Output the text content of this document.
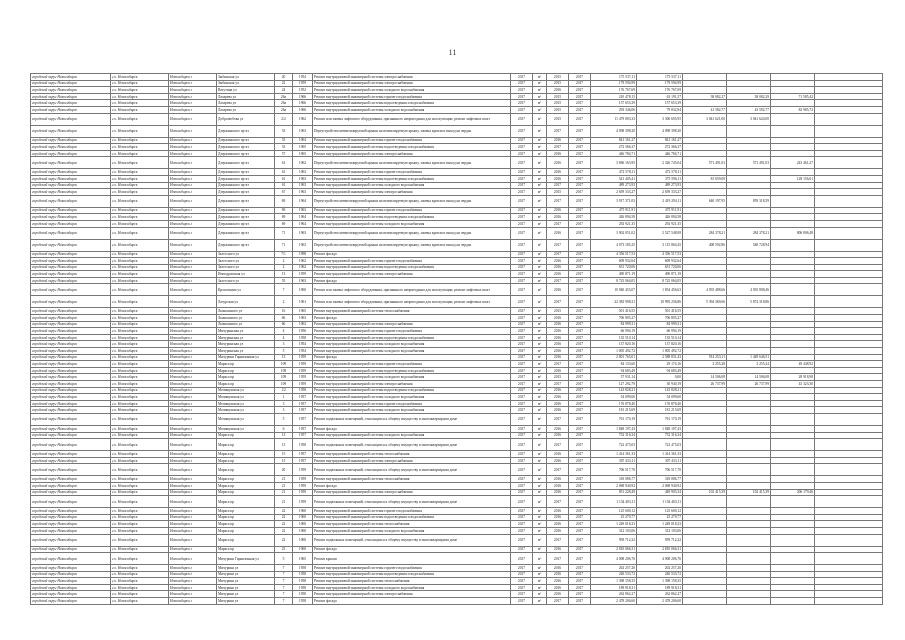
11
городской округ Новосибирск	г.о. Новосибирск	Новосибирск г	Зыбинская ул	20	1954	Ремонт внутридомовой инженерной системы электроснабжения	2017	м²	2015	2017	175 537,11	175 537,11				
городской округ Новосибирск	г.о. Новосибирск	Новосибирск г	Зыбинская ул	22	1959	Ремонт внутридомовой инженерной системы электроснабжения	2017	м²	2015	2017	179 594,99	179 594,99				
городской округ Новосибирск	г.о. Новосибирск	Новосибирск г	Ватутина ул	24	1952	Ремонт внутридомовой инженерной системы холодного водоснабжения	2017	м²	2016	2017	176 767,69	176 767,69				
городской округ Новосибирск	г.о. Новосибирск	Новосибирск г	Лазарева ул	26а	1966	Ремонт внутридомовой инженерной системы горячего водоснабжения	2017	м²	2015	2017	210 478,15	63 191,57	38 082,27	38 082,29	71 585,42	
городской округ Новосибирск	г.о. Новосибирск	Новосибирск г	Лазарева ул	26а	1966	Ремонт внутридомовой инженерной системы водоотведения и водоснабжения	2017	м²	2015	2017	157 653,39	157 653,39				
городской округ Новосибирск	г.о. Новосибирск	Новосибирск г	Лазарева ул	26а	1966	Ремонт внутридомовой инженерной системы холодного водоснабжения	2017	м²	2015	2017	293 346,06	79 832,94	41 582,77	43 592,77	82 985,72	
городской округ Новосибирск	г.о. Новосибирск	Новосибирск г	Добролюбова ул	2/2	1962	Ремонт или замена лифтового оборудования, признанного непригодным для эксплуатации, ремонт лифтовых шахт	2017	м²	2015	2017	11 479 803,33	3 306 605,95	3 041 621,00	3 041 624,00		
городской округ Новосибирск	г.о. Новосибирск	Новосибирск г	Дзержинского пр-кт	53	1963	Переустройство невентилируемой крыши на вентилируемую крышу, замена кровли и выход на чердак	2017	м²	2017	2017	4 098 398,20	4 098 398,20				
городской округ Новосибирск	г.о. Новосибирск	Новосибирск г	Дзержинского пр-кт	53	1964	Ремонт внутридомовой инженерной системы горячего водоснабжения	2017	м²	2016	2017	841 161,27	841 161,27				
городской округ Новосибирск	г.о. Новосибирск	Новосибирск г	Дзержинского пр-кт	53	1965	Ремонт внутридомовой инженерной системы водоотведения и водоснабжения	2017	м²	2017	2017	272 366,37	272 366,37				
городской округ Новосибирск	г.о. Новосибирск	Новосибирск г	Дзержинского пр-кт	57	1965	Ремонт внутридомовой инженерной системы электроснабжения	2017	м²	2016	2017	446 784,71	446 784,71				
городской округ Новосибирск	г.о. Новосибирск	Новосибирск г	Дзержинского пр-кт	61	1962	Переустройство невентилируемой крыши на вентилируемую крышу, замена кровли и выход на чердак	2017	м²	2016	2017	3 696 163,95	2 326 745,04	571 491,03	571 491,03	243 461,27	
городской округ Новосибирск	г.о. Новосибирск	Новосибирск г	Дзержинского пр-кт	61	1963	Ремонт внутридомовой инженерной системы горячего водоснабжения	2017	м²	2016	2017	472 578,11	472 578,11				
городской округ Новосибирск	г.о. Новосибирск	Новосибирск г	Дзержинского пр-кт	61	1963	Ремонт внутридомовой инженерной системы водоотведения и водоснабжения	2017	м²	2016	2017	541 405,41	375 596,11	81 659,00		128 156,01	
городской округ Новосибирск	г.о. Новосибирск	Новосибирск г	Дзержинского пр-кт	61	1963	Ремонт внутридомовой инженерной системы холодного водоснабжения	2017	м²	2017	2017	489 273,93	489 273,93				
городской округ Новосибирск	г.о. Новосибирск	Новосибирск г	Дзержинского пр-кт	67	1963	Ремонт внутридомовой инженерной системы электроснабжения	2017	м²	2015	2017	2 659 333,27	2 659 333,27				
городской округ Новосибирск	г.о. Новосибирск	Новосибирск г	Дзержинского пр-кт	69	1964	Переустройство невентилируемой крыши на вентилируемую крышу, замена кровли и выход на чердак	2017	м²	2017	2017	3 917 371,03	2 419 294,11	640 197,95	859 318,59		
городской округ Новосибирск	г.о. Новосибирск	Новосибирск г	Дзержинского пр-кт	69	1963	Ремонт внутридомовой инженерной системы горячего водоснабжения	2017	м²	2016	2017	475 911,91	475 911,91				
городской округ Новосибирск	г.о. Новосибирск	Новосибирск г	Дзержинского пр-кт	69	1964	Ремонт внутридомовой инженерной системы водоотведения и водоснабжения	2017	м²	2016	2017	426 894,58	426 894,58				
городской округ Новосибирск	г.о. Новосибирск	Новосибирск г	Дзержинского пр-кт	69	1964	Ремонт внутридомовой инженерной системы холодного водоснабжения	2017	м²	2017	2017	292 921,35	292 921,35				
городской округ Новосибирск	г.о. Новосибирск	Новосибирск г	Дзержинского пр-кт	71	1963	Переустройство невентилируемой крыши на вентилируемую крышу, замена кровли и выход на чердак	2017	м²	2016	2017	3 902 051,02	2 527 548,08	284 378,21	284 378,21	806 806,48	
городской округ Новосибирск	г.о. Новосибирск	Новосибирск г	Дзержинского пр-кт	71	1963	Переустройство невентилируемой крыши на вентилируемую крышу, замена кровли и выход на чердак	2017	м²	2017	2017	4 073 185,25	3 115 864,45	408 592,86	548 728,94		
городской округ Новосибирск	г.о. Новосибирск	Новосибирск г	Залесского ул	7/1	1998	Ремонт фасада	2017	м²	2017	2017	4 356 517,53	4 356 517,53				
городской округ Новосибирск	г.о. Новосибирск	Новосибирск г	Залесского ул	2	1962	Ремонт внутридомовой инженерной системы горячего водоснабжения	2017	м²	2016	2017	609 932,64	609 932,64				
городской округ Новосибирск	г.о. Новосибирск	Новосибирск г	Залесского ул	2	1962	Ремонт внутридомовой инженерной системы водоотведения и водоснабжения	2017	м²	2016	2017	651 720,06	651 720,06				
городской округ Новосибирск	г.о. Новосибирск	Новосибирск г	Ипподромская ул	13	1959	Ремонт внутридомовой инженерной системы электроснабжения	2017	м²	2016	2017	490 871,19	490 871,19				
городской округ Новосибирск	г.о. Новосибирск	Новосибирск г	Залесского ул	55	1963	Ремонт фасада	2017	м²	2017	2017	8 725 064,05	8 725 064,05				
городской округ Новосибирск	г.о. Новосибирск	Новосибирск г	Кропоткина ул	7	1960	Ремонт или замена лифтового оборудования, признанного непригодным для эксплуатации, ремонт лифтовых шахт	2017	м²	2016	2017	10 940 453,07	1 834 456,63	4 035 488,66	4 035 808,46		
городской округ Новосибирск	г.о. Новосибирск	Новосибирск г	Лазурская ул	2	1961	Ремонт или замена лифтового оборудования, признанного непригодным для эксплуатации, ремонт лифтовых шахт	2017	м²	2017	2017	22 383 998,31	10 995 256,86	5 394 369,66	5 874 318,86		
городской округ Новосибирск	г.о. Новосибирск	Новосибирск г	Лыкошиного ул	16	1965	Ремонт внутридомовой инженерной системы теплоснабжения	2017	м²	2015	2017	501 416,55	501 416,55				
городской округ Новосибирск	г.о. Новосибирск	Новосибирск г	Лыкошиного ул	66	1963	Ремонт фасада	2017	м²	2016	2017	706 805,27	706 805,27				
городской округ Новосибирск	г.о. Новосибирск	Новосибирск г	Лыкошиного ул	66	1963	Ремонт внутридомовой инженерной системы электроснабжения	2017	м²	2016	2017	84 999,31	84 999,31				
городской округ Новосибирск	г.о. Новосибирск	Новосибирск г	Мичуринская ул	4	1956	Ремонт внутридомовой инженерной системы горячего водоснабжения	2017	м²	2016	2017	66 994,19	66 994,19				
городской округ Новосибирск	г.о. Новосибирск	Новосибирск г	Мичуринская ул	4	1958	Ремонт внутридомовой инженерной системы водоотведения и водоснабжения	2017	м²	2016	2017	135 510,14	135 510,14				
городской округ Новосибирск	г.о. Новосибирск	Новосибирск г	Мичуринская ул	3	1954	Ремонт внутридомовой инженерной системы холодного водоснабжения	2017	м²	2016	2017	137 820,16	137 820,16				
городской округ Новосибирск	г.о. Новосибирск	Новосибирск г	Мичуринская ул	5	1954	Ремонт внутридомовой инженерной системы холодного водоснабжения	2017	м²	2016	2017	1 005 492,72	1 005 492,72				
городской округ Новосибирск	г.о. Новосибирск	Новосибирск г	Мичурина Гарнизонная ул	13	1959	Ремонт фасада	2017	м²	2016	2017	2 801 765,01	2 588 831,43	914 253,11	1 449 646,51		
городской округ Новосибирск	г.о. Новосибирск	Новосибирск г	Маркса пр	109	1959	Ремонт внутридомовой инженерной системы горячего водоснабжения	2017	м²	2017	2017	84 133,60	29 174,16	3 255,28	3 255,24	49 448,92	
городской округ Новосибирск	г.о. Новосибирск	Новосибирск г	Маркса пр	109	1959	Ремонт внутридомовой инженерной системы водоотведения и водоснабжения	2017	м²	2016	2017	94 683,49	94 683,49				
городской округ Новосибирск	г.о. Новосибирск	Новосибирск г	Маркса пр	109	1959	Ремонт внутридомовой инженерной системы холодного водоснабжения	2017	м²	2015	2017	57 931,14	0,00	14 506,08	14 506,08	28 918,98	
городской округ Новосибирск	г.о. Новосибирск	Новосибирск г	Маркса пр	109	1959	Ремонт внутридомовой инженерной системы электроснабжения	2017	м²	2017	2017	127 292,79	30 940,19	26 737,99	26 737,99	43 323,30	
городской округ Новосибирск	г.о. Новосибирск	Новосибирск г	Мочищенская ул	1/2	1958	Ремонт внутридомовой инженерной системы водоотведения и водоснабжения	2017	м²	2016	2017	143 828,21	143 828,21				
городской округ Новосибирск	г.о. Новосибирск	Новосибирск г	Мочищенская ул	1	1957	Ремонт внутридомовой инженерной системы холодного водоснабжения	2017	м²	2016	2017	54 099,60	54 099,60				
городской округ Новосибирск	г.о. Новосибирск	Новосибирск г	Мочищенская ул	3	1957	Ремонт внутридомовой инженерной системы горячего водоснабжения	2017	м²	2016	2017	176 878,40	176 878,40				
городской округ Новосибирск	г.о. Новосибирск	Новосибирск г	Мочищенская ул	3	1957	Ремонт внутридомовой инженерной системы холодного водоснабжения	2017	м²	2016	2017	181 215,69	181 215,69				
городской округ Новосибирск	г.о. Новосибирск	Новосибирск г	Мочищенская ул	5	1957	Ремонт подвальных помещений, относящихся к общему имуществу в многоквартирном доме	2017	м²	2017	2017	761 170,19	761 170,19				
городской округ Новосибирск	г.о. Новосибирск	Новосибирск г	Мочищенская ул	6	1957	Ремонт фасада	2017	м²	2016	2017	1 848 197,43	1 848 197,43				
городской округ Новосибирск	г.о. Новосибирск	Новосибирск г	Маркса пр	13	1957	Ремонт внутридомовой инженерной системы холодного водоснабжения	2017	м²	2016	2017	752 316,34	752 316,34				
городской округ Новосибирск	г.о. Новосибирск	Новосибирск г	Маркса пр	13	1958	Ремонт подвальных помещений, относящихся к общему имуществу в многоквартирном доме	2017	м²	2017	2017	722 475,03	722 475,03				
городской округ Новосибирск	г.о. Новосибирск	Новосибирск г	Маркса пр	15	1957	Ремонт внутридомовой инженерной системы теплоснабжения	2017	м²	2016	2017	1 414 361,33	1 414 361,33				
городской округ Новосибирск	г.о. Новосибирск	Новосибирск г	Маркса пр	15	1957	Ремонт внутридомовой инженерной системы электроснабжения	2017	м²	2016	2017	307 433,11	307 433,11				
городской округ Новосибирск	г.о. Новосибирск	Новосибирск г	Маркса пр	20	1959	Ремонт подвальных помещений, относящихся к общему имуществу в многоквартирном доме	2017	м²	2017	2017	706 517,70	706 517,70				
городской округ Новосибирск	г.о. Новосибирск	Новосибирск г	Маркса пр	21	1959	Ремонт внутридомовой инженерной системы теплоснабжения	2017	м²	2016	2017	318 086,77	318 086,77				
городской округ Новосибирск	г.о. Новосибирск	Новосибирск г	Маркса пр	21	1959	Ремонт фасада	2017	м²	2016	2017	2 068 940,92	2 068 940,92				
городской округ Новосибирск	г.о. Новосибирск	Новосибирск г	Маркса пр	21	1959	Ремонт внутридомовой инженерной системы электроснабжения	2017	м²	2016	2017	851 228,49	449 903,34	102 415,39	102 415,39	206 179,46	
городской округ Новосибирск	г.о. Новосибирск	Новосибирск г	Маркса пр	21	1959	Ремонт подвальных помещений, относящихся к общему имуществу в многоквартирном доме	2017	м²	2017	2017	1 134 403,11	1 134 403,11				
городской округ Новосибирск	г.о. Новосибирск	Новосибирск г	Маркса пр	22	1960	Ремонт внутридомовой инженерной системы горячего водоснабжения	2017	м²	2016	2017	125 600,12	125 600,12				
городской округ Новосибирск	г.о. Новосибирск	Новосибирск г	Маркса пр	22	1960	Ремонт внутридомовой инженерной системы водоотведения и водоснабжения	2017	м²	2016	2017	25 279,77	25 279,77				
городской округ Новосибирск	г.о. Новосибирск	Новосибирск г	Маркса пр	22	1960	Ремонт внутридомовой инженерной системы теплоснабжения	2017	м²	2016	2017	1 249 018,23	1 249 018,23				
городской округ Новосибирск	г.о. Новосибирск	Новосибирск г	Маркса пр	22	1960	Ремонт внутридомовой инженерной системы холодного водоснабжения	2017	м²	2016	2017	312 103,06	312 103,06				
городской округ Новосибирск	г.о. Новосибирск	Новосибирск г	Маркса пр	22	1960	Ремонт подвальных помещений, относящихся к общему имуществу в многоквартирном доме	2017	м²	2017	2017	959 712,22	959 712,22				
городской округ Новосибирск	г.о. Новосибирск	Новосибирск г	Маркса пр	23	1960	Ремонт фасада	2017	м²	2016	2017	2 810 066,31	2 810 066,31				
городской округ Новосибирск	г.о. Новосибирск	Новосибирск г	Мичурина Гарнизонная ул	5	1965	Ремонт крыши	2017	м²	2017	2017	4 008 206,76	4 008 206,76				
городской округ Новосибирск	г.о. Новосибирск	Новосибирск г	Мичурина ул	7	1958	Ремонт внутридомовой инженерной системы горячего водоснабжения	2017	м²	2016	2017	202 257,20	202 257,20				
городской округ Новосибирск	г.о. Новосибирск	Новосибирск г	Мичурина ул	7	1958	Ремонт внутридомовой инженерной системы водоотведения и водоснабжения	2017	м²	2016	2017	240 533,72	240 533,72				
городской округ Новосибирск	г.о. Новосибирск	Новосибирск г	Мичурина ул	7	1958	Ремонт внутридомовой инженерной системы теплоснабжения	2017	м²	2016	2017	1 398 158,35	1 398 158,35				
городской округ Новосибирск	г.о. Новосибирск	Новосибирск г	Мичурина ул	7	1958	Ремонт внутридомовой инженерной системы холодного водоснабжения	2017	м²	2016	2017	189 918,31	189 918,31				
городской округ Новосибирск	г.о. Новосибирск	Новосибирск г	Мичурина ул	7	1958	Ремонт внутридомовой инженерной системы электроснабжения	2017	м²	2016	2017	262 862,27	262 862,27				
городской округ Новосибирск	г.о. Новосибирск	Новосибирск г	Мичурина ул	7	1958	Ремонт фасада	2017	м²	2017	2017	2 478 206,60	2 478 206,60				
